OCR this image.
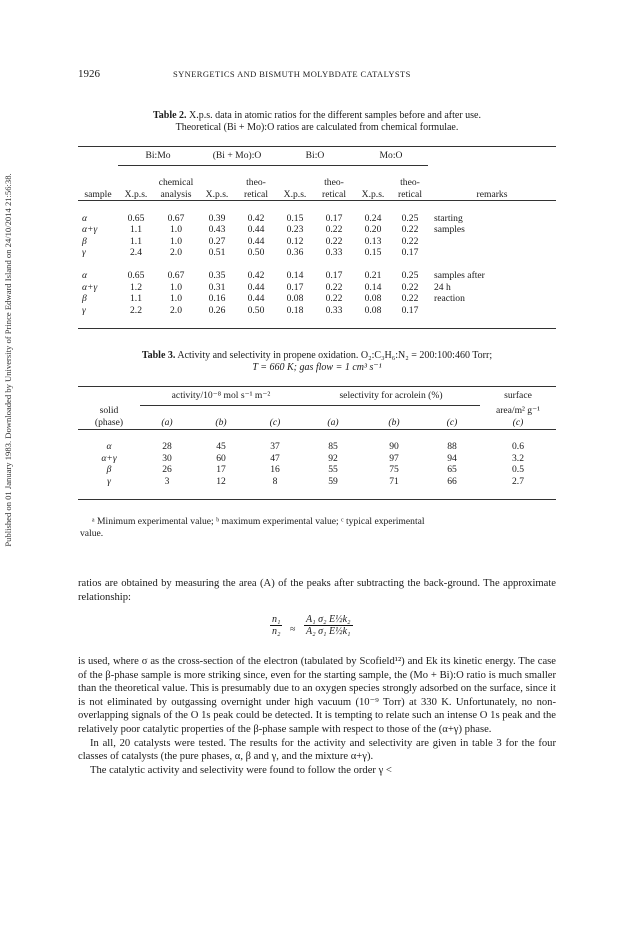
Published on 01 January 1983. Downloaded by University of Prince Edward Island on 24/10/2014 21:56:38.
1926	SYNERGETICS AND BISMUTH MOLYBDATE CATALYSTS
Table 2. X.p.s. data in atomic ratios for the different samples before and after use.
Theoretical (Bi + Mo):O ratios are calculated from chemical formulae.

	Bi:Mo		(Bi + Mo):O		Bi:O		Mo:O		

		chemical		theo-		theo-		theo-	
sample	X.p.s.	analysis	X.p.s.	retical	X.p.s.	retical	X.p.s.	retical	remarks

α	0.65	0.67	0.39	0.42	0.15	0.17	0.24	0.25	starting
α+γ	1.1	1.0	0.43	0.44	0.23	0.22	0.20	0.22	samples
β	1.1	1.0	0.27	0.44	0.12	0.22	0.13	0.22	
γ	2.4	2.0	0.51	0.50	0.36	0.33	0.15	0.17	

α	0.65	0.67	0.35	0.42	0.14	0.17	0.21	0.25	samples after
α+γ	1.2	1.0	0.31	0.44	0.17	0.22	0.14	0.22	24 h
β	1.1	1.0	0.16	0.44	0.08	0.22	0.08	0.22	reaction
γ	2.2	2.0	0.26	0.50	0.18	0.33	0.08	0.17	

Table 3. Activity and selectivity in propene oxidation. O₂:C₃H₆:N₂ = 200:100:460 Torr;
T = 660 K; gas flow = 1 cm³ s⁻¹

	activity/10⁻⁸ mol s⁻¹ m⁻²			selectivity for acrolein (%)			surface
solid							area/m² g⁻¹
(phase)	(a)	(b)	(c)	(a)	(b)	(c)	(c)

α	28	45	37	85	90	88	0.6
α+γ	30	60	47	92	97	94	3.2
β	26	17	16	55	75	65	0.5
γ	3	12	8	59	71	66	2.7

ᵃ Minimum experimental value; ᵇ maximum experimental value; ᶜ typical experimental
value.

ratios are obtained by measuring the area (A) of the peaks after subtracting the back-ground. The approximate relationship:

n₁
n₂ ≈
A₁ σ₂ E½k₂
A₂ σ₁ E½k₁

is used, where σ as the cross-section of the electron (tabulated by Scofield¹²) and Ek its kinetic energy. The case of the β-phase sample is more striking since, even for the starting sample, the (Mo + Bi):O ratio is much smaller than the theoretical value. This is presumably due to an oxygen species strongly adsorbed on the surface, since it is not eliminated by outgassing overnight under high vacuum (10⁻⁹ Torr) at 330 K. Unfortunately, no non-overlapping signals of the O 1s peak could be detected. It is tempting to relate such an intense O 1s peak and the relatively poor catalytic properties of the β-phase sample with respect to those of the (α+γ) phase.

In all, 20 catalysts were tested. The results for the activity and selectivity are given in table 3 for the four classes of catalysts (the pure phases, α, β and γ, and the mixture α+γ).

The catalytic activity and selectivity were found to follow the order γ <
